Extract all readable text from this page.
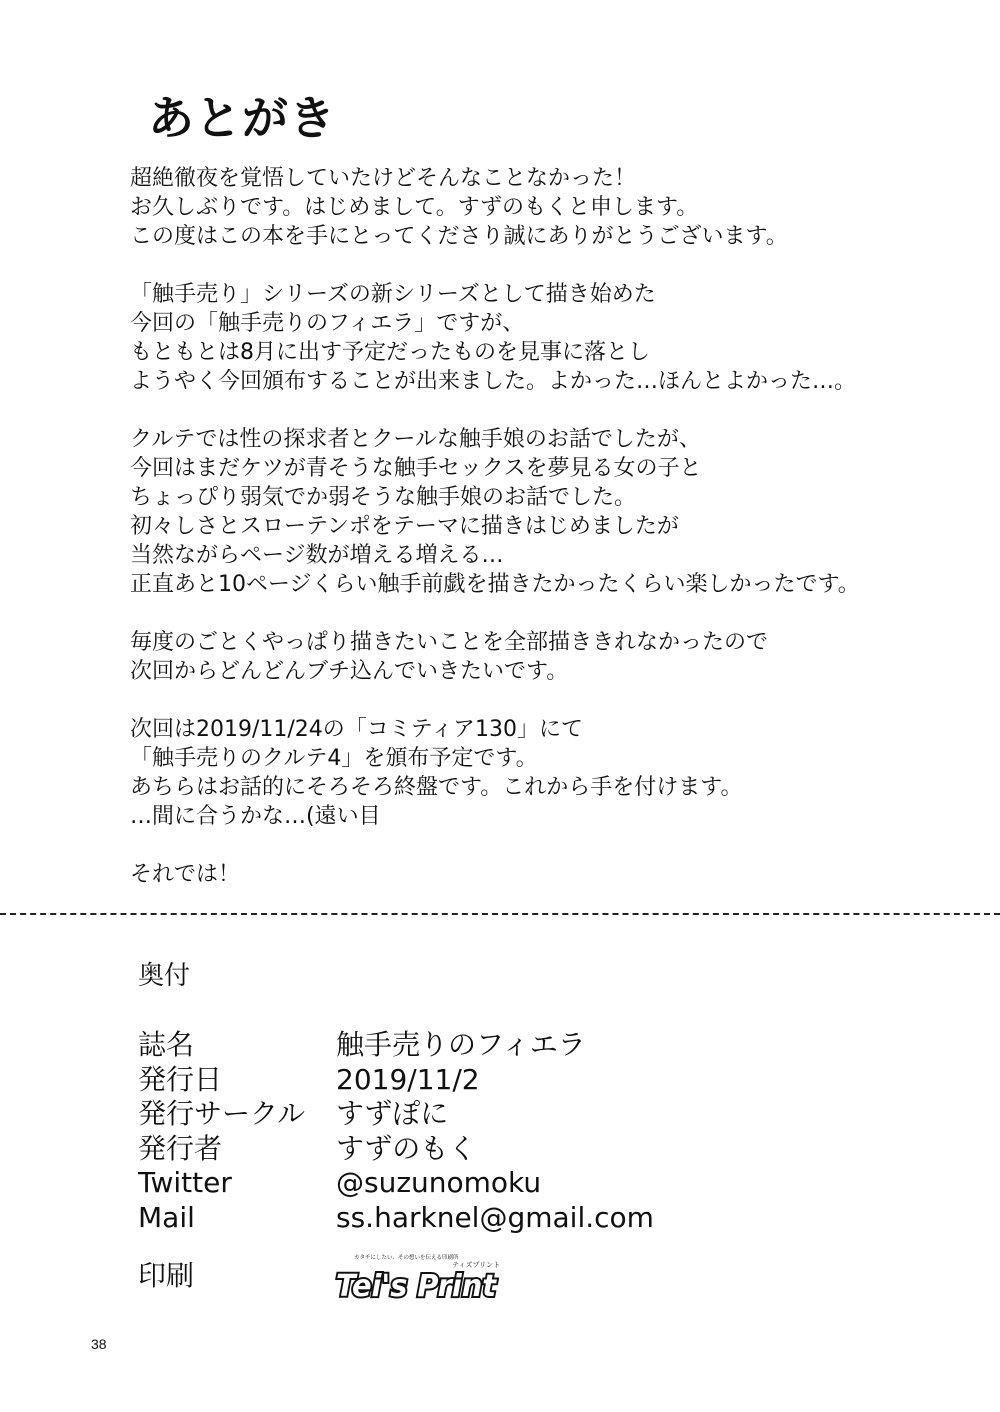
あとがき

超絶徹夜を覚悟していたけどそんなことなかった！
お久しぶりです。はじめまして。すずのもくと申します。
この度はこの本を手にとってくださり誠にありがとうございます。

「触手売り」シリーズの新シリーズとして描き始めた
今回の「触手売りのフィエラ」ですが、
もともとは8月に出す予定だったものを見事に落とし
ようやく今回頒布することが出来ました。よかった…ほんとよかった…。

クルテでは性の探求者とクールな触手娘のお話でしたが、
今回はまだケツが青そうな触手セックスを夢見る女の子と
ちょっぴり弱気でか弱そうな触手娘のお話でした。
初々しさとスローテンポをテーマに描きはじめましたが
当然ながらページ数が増える増える…
正直あと10ページくらい触手前戯を描きたかったくらい楽しかったです。

毎度のごとくやっぱり描きたいことを全部描ききれなかったので
次回からどんどんブチ込んでいきたいです。

次回は2019/11/24の「コミティア130」にて
「触手売りのクルテ4」を頒布予定です。
あちらはお話的にそろそろ終盤です。これから手を付けます。
…間に合うかな…(遠い目

それでは！

奥付
誌名	触手売りのフィエラ
発行日	2019/11/2
発行サークル	すずぽに
発行者	すずのもく
Twitter	@suzunomoku
Mail	ss.harknel@gmail.com
印刷
カタチにしたい、その想いを伝える印刷所
ティズプリント
Tei's Print
38
